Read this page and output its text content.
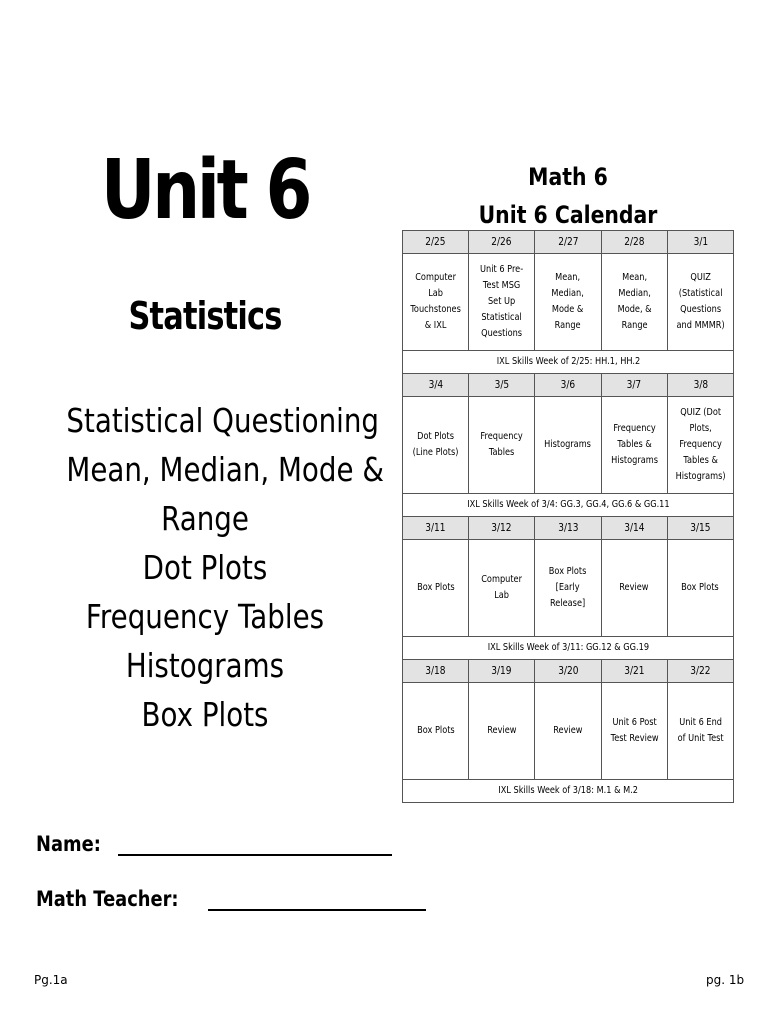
Unit 6
Statistics
Statistical Questioning
Mean, Median, Mode &
Range
Dot Plots
Frequency Tables
Histograms
Box Plots
Math 6
Unit 6 Calendar
2/25	2/26	2/27	2/28	3/1
Computer Lab Touchstones & IXL	Unit 6 Pre-Test MSG Set Up Statistical Questions	Mean, Median, Mode & Range	Mean, Median, Mode, & Range	QUIZ (Statistical Questions and MMMR)
IXL Skills Week of 2/25: HH.1, HH.2				
3/4	3/5	3/6	3/7	3/8
Dot Plots (Line Plots)	Frequency Tables	Histograms	Frequency Tables & Histograms	QUIZ (Dot Plots, Frequency Tables & Histograms)
IXL Skills Week of 3/4: GG.3, GG.4, GG.6 & GG.11				
3/11	3/12	3/13	3/14	3/15
Box Plots	Computer Lab	Box Plots [Early Release]	Review	Box Plots
IXL Skills Week of 3/11: GG.12 & GG.19				
3/18	3/19	3/20	3/21	3/22
Box Plots	Review	Review	Unit 6 Post Test Review	Unit 6 End of Unit Test
IXL Skills Week of 3/18: M.1 & M.2				
Name:
Math Teacher:
Pg.1a	pg. 1b
